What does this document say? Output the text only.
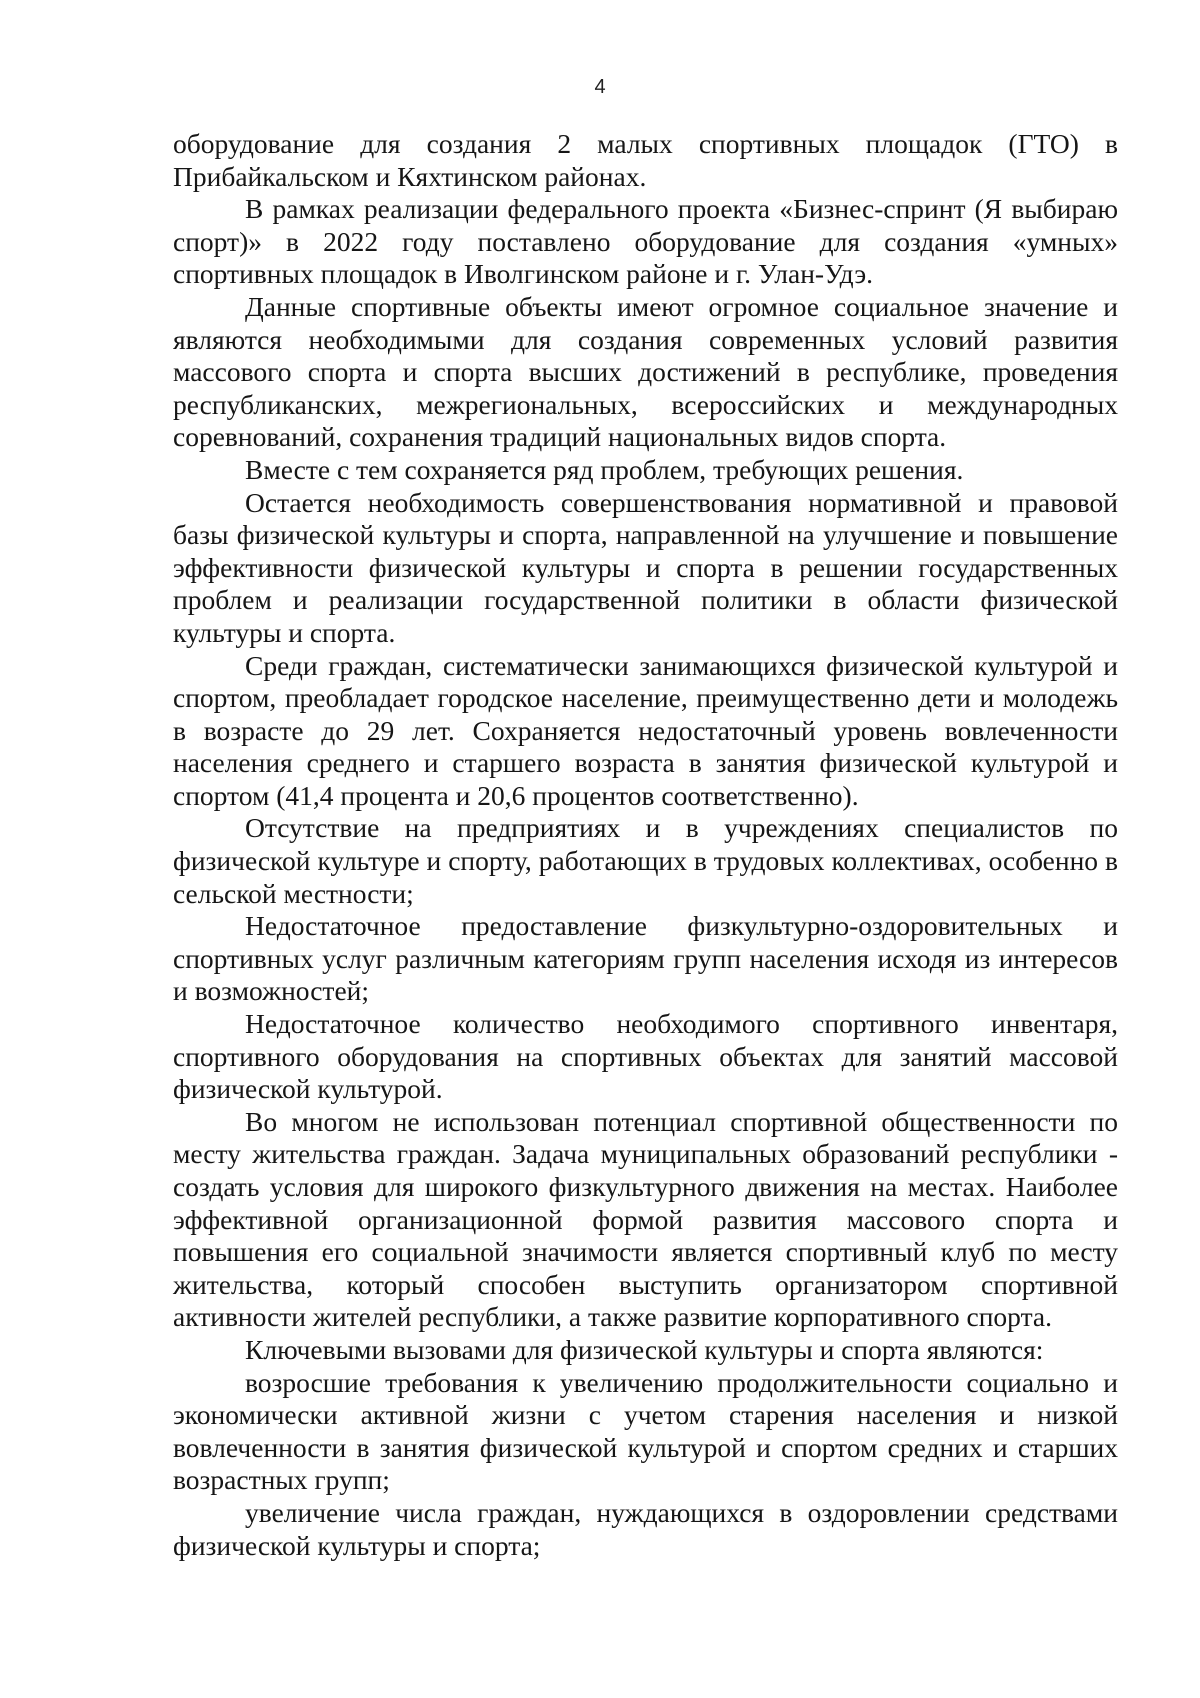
4

оборудование для создания 2 малых спортивных площадок (ГТО) в Прибайкальском и Кяхтинском районах.

В рамках реализации федерального проекта «Бизнес-спринт (Я выбираю спорт)» в 2022 году поставлено оборудование для создания «умных» спортивных площадок в Иволгинском районе и г. Улан-Удэ.

Данные спортивные объекты имеют огромное социальное значение и являются необходимыми для создания современных условий развития массового спорта и спорта высших достижений в республике, проведения республиканских, межрегиональных, всероссийских и международных соревнований, сохранения традиций национальных видов спорта.

Вместе с тем сохраняется ряд проблем, требующих решения.

Остается необходимость совершенствования нормативной и правовой базы физической культуры и спорта, направленной на улучшение и повышение эффективности физической культуры и спорта в решении государственных проблем и реализации государственной политики в области физической культуры и спорта.

Среди граждан, систематически занимающихся физической культурой и спортом, преобладает городское население, преимущественно дети и молодежь в возрасте до 29 лет. Сохраняется недостаточный уровень вовлеченности населения среднего и старшего возраста в занятия физической культурой и спортом (41,4 процента и 20,6 процентов соответственно).

Отсутствие на предприятиях и в учреждениях специалистов по физической культуре и спорту, работающих в трудовых коллективах, особенно в сельской местности;

Недостаточное предоставление физкультурно-оздоровительных и спортивных услуг различным категориям групп населения исходя из интересов и возможностей;

Недостаточное количество необходимого спортивного инвентаря, спортивного оборудования на спортивных объектах для занятий массовой физической культурой.

Во многом не использован потенциал спортивной общественности по месту жительства граждан. Задача муниципальных образований республики - создать условия для широкого физкультурного движения на местах. Наиболее эффективной организационной формой развития массового спорта и повышения его социальной значимости является спортивный клуб по месту жительства, который способен выступить организатором спортивной активности жителей республики, а также развитие корпоративного спорта.

Ключевыми вызовами для физической культуры и спорта являются:

возросшие требования к увеличению продолжительности социально и экономически активной жизни с учетом старения населения и низкой вовлеченности в занятия физической культурой и спортом средних и старших возрастных групп;

увеличение числа граждан, нуждающихся в оздоровлении средствами физической культуры и спорта;
